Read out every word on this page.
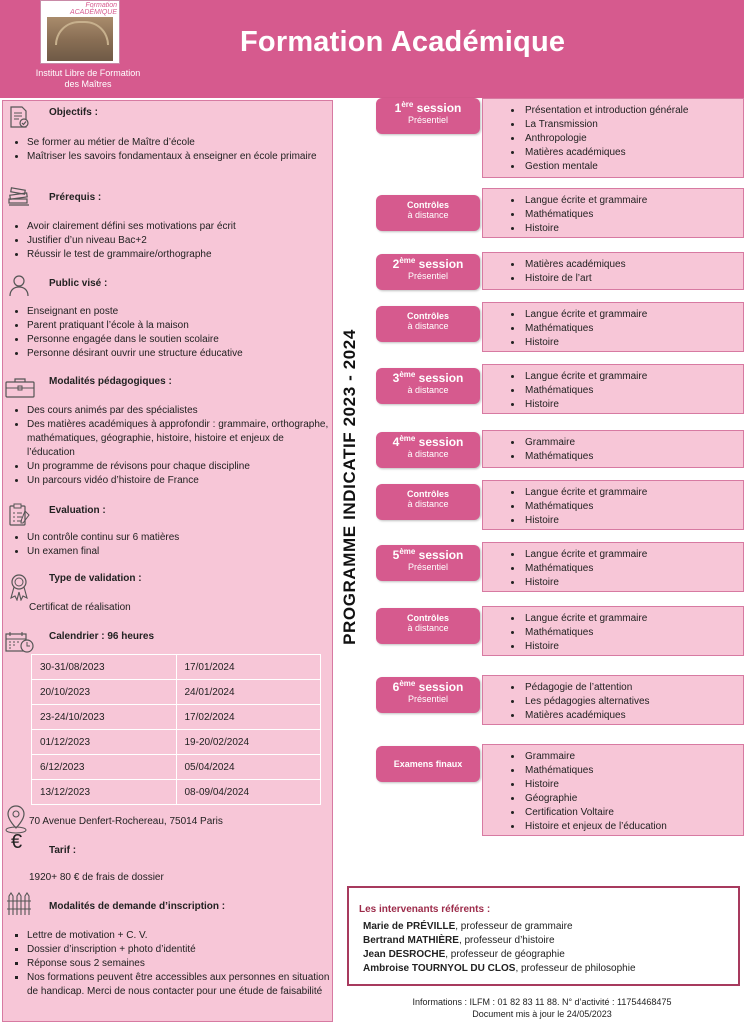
Formation
ACADÉMIQUE
Institut Libre de Formation
des Maîtres
Formation Académique
Objectifs :
• Se former au métier de Maître d’école
• Maîtriser les savoirs fondamentaux à enseigner en école primaire
Prérequis :
• Avoir clairement défini ses motivations par écrit
• Justifier d’un niveau Bac+2
• Réussir le test de grammaire/orthographe
Public visé :
• Enseignant en poste
• Parent pratiquant l’école à la maison
• Personne engagée dans le soutien scolaire
• Personne désirant ouvrir une structure éducative
Modalités pédagogiques :
• Des cours animés par des spécialistes
• Des matières académiques à approfondir : grammaire, orthographe, mathématiques, géographie, histoire, histoire et enjeux de l’éducation
• Un programme de révisons pour chaque discipline
• Un parcours vidéo d’histoire de France
Evaluation :
• Un contrôle continu sur 6 matières
• Un examen final
Type de validation :
Certificat de réalisation
Calendrier : 96 heures
30-31/08/2023	17/01/2024
20/10/2023	24/01/2024
23-24/10/2023	17/02/2024
01/12/2023	19-20/02/2024
6/12/2023	05/04/2024
13/12/2023	08-09/04/2024
70 Avenue Denfert-Rochereau, 75014 Paris
€	Tarif :
1920+ 80 € de frais de dossier
Modalités de demande d’inscription :
▪ Lettre de motivation + C. V.
▪ Dossier d’inscription + photo d’identité
▪ Réponse sous 2 semaines
▪ Nos formations peuvent être accessibles aux personnes en situation de handicap. Merci de nous contacter pour une étude de faisabilité
PROGRAMME INDICATIF 2023 - 2024
1ère session
Présentiel
• Présentation et introduction générale
• La Transmission
• Anthropologie
• Matières académiques
• Gestion mentale
Contrôles
à distance
• Langue écrite et grammaire
• Mathématiques
• Histoire
2ème session
Présentiel
• Matières académiques
• Histoire de l’art
Contrôles
à distance
• Langue écrite et grammaire
• Mathématiques
• Histoire
3ème session
à distance
• Langue écrite et grammaire
• Mathématiques
• Histoire
4ème session
à distance
• Grammaire
• Mathématiques
Contrôles
à distance
• Langue écrite et grammaire
• Mathématiques
• Histoire
5ème session
Présentiel
• Langue écrite et grammaire
• Mathématiques
• Histoire
Contrôles
à distance
• Langue écrite et grammaire
• Mathématiques
• Histoire
6ème session
Présentiel
• Pédagogie de l’attention
• Les pédagogies alternatives
• Matières académiques
Examens finaux
• Grammaire
• Mathématiques
• Histoire
• Géographie
• Certification Voltaire
• Histoire et enjeux de l’éducation
Les intervenants référents :
Marie de PRÉVILLE, professeur de grammaire
Bertrand MATHIÈRE, professeur d’histoire
Jean DESROCHE, professeur de géographie
Ambroise TOURNYOL DU CLOS, professeur de philosophie
Informations : ILFM : 01 82 83 11 88. N° d’activité : 11754468475
Document mis à jour le 24/05/2023
